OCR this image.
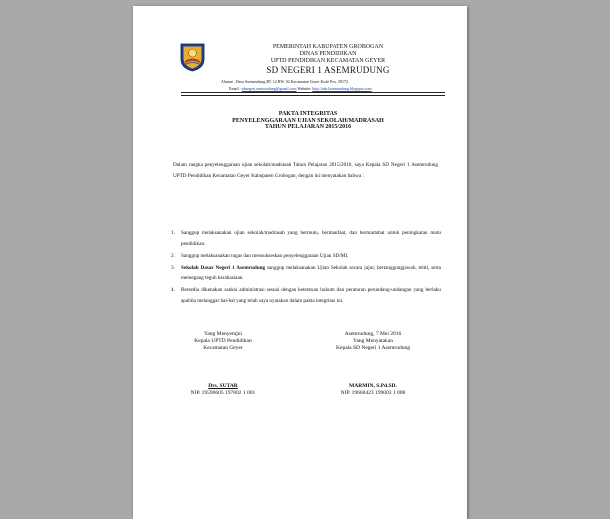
PEMERINTAH KABUPATEN GROBOGAN
DINAS PENDIDIKAN
UPTD PENDIDIKAN KECAMATAN GEYER
SD NEGERI 1 ASEMRUDUNG
Alamat : Desa Asemrudung RT. 12 RW. 02 Kecamatan Geyer Kode Pos. 58172
Email : sdnegeri.asemrudung@gmail.com Website: http://sdn1asemrudung.blogspot.com
PAKTA INTEGRITAS
PENYELENGGARAAN UJIAN SEKOLAH/MADRASAH
TAHUN PELAJARAN 2015/2016
Dalam rangka penyelenggaraan ujian sekolah/madrasah Tahun Pelajaran 2015/2016, saya Kepala SD Negeri 1 Asemrudung UPTD Pendidikan Kecamatan Geyer Kabupaten Grobogan, dengan ini menyatakan bahwa :
1. Sanggup melaksanakan ujian sekolah/madrasah yang bermutu, bermanfaat, dan bermartabat untuk peningkatan mutu pendidikan.
2. Sanggup melaksanakan tugas dan mensukseskan penyelenggaraan Ujian SD/MI.
3. Sekolah Dasar Negeri 1 Asemrudung sanggup melaksanakan Ujian Sekolah secara jujur, bertanggungjawab, teliti, serta memegang teguh kerahasiaan.
4. Bersedia dikenakan sanksi administrasi sesuai dengan ketentuan hukum dan peraturan perundang-undangan yang berlaku apabila melanggar hal-hal yang telah saya nyatakan dalam pakta integritas ini.
Yang Menyetujui
Kepala UPTD Pendidikan
Kecamatan Geyer
Asemrudung, 7 Mei 2016
Yang Menyatakan
Kepala SD Negeri 1 Asemrudung
Drs. SUTAR
NIP. 19590605 197802 1 001
MARMIN, S.Pd.SD.
NIP. 19660423 199003 1 008
